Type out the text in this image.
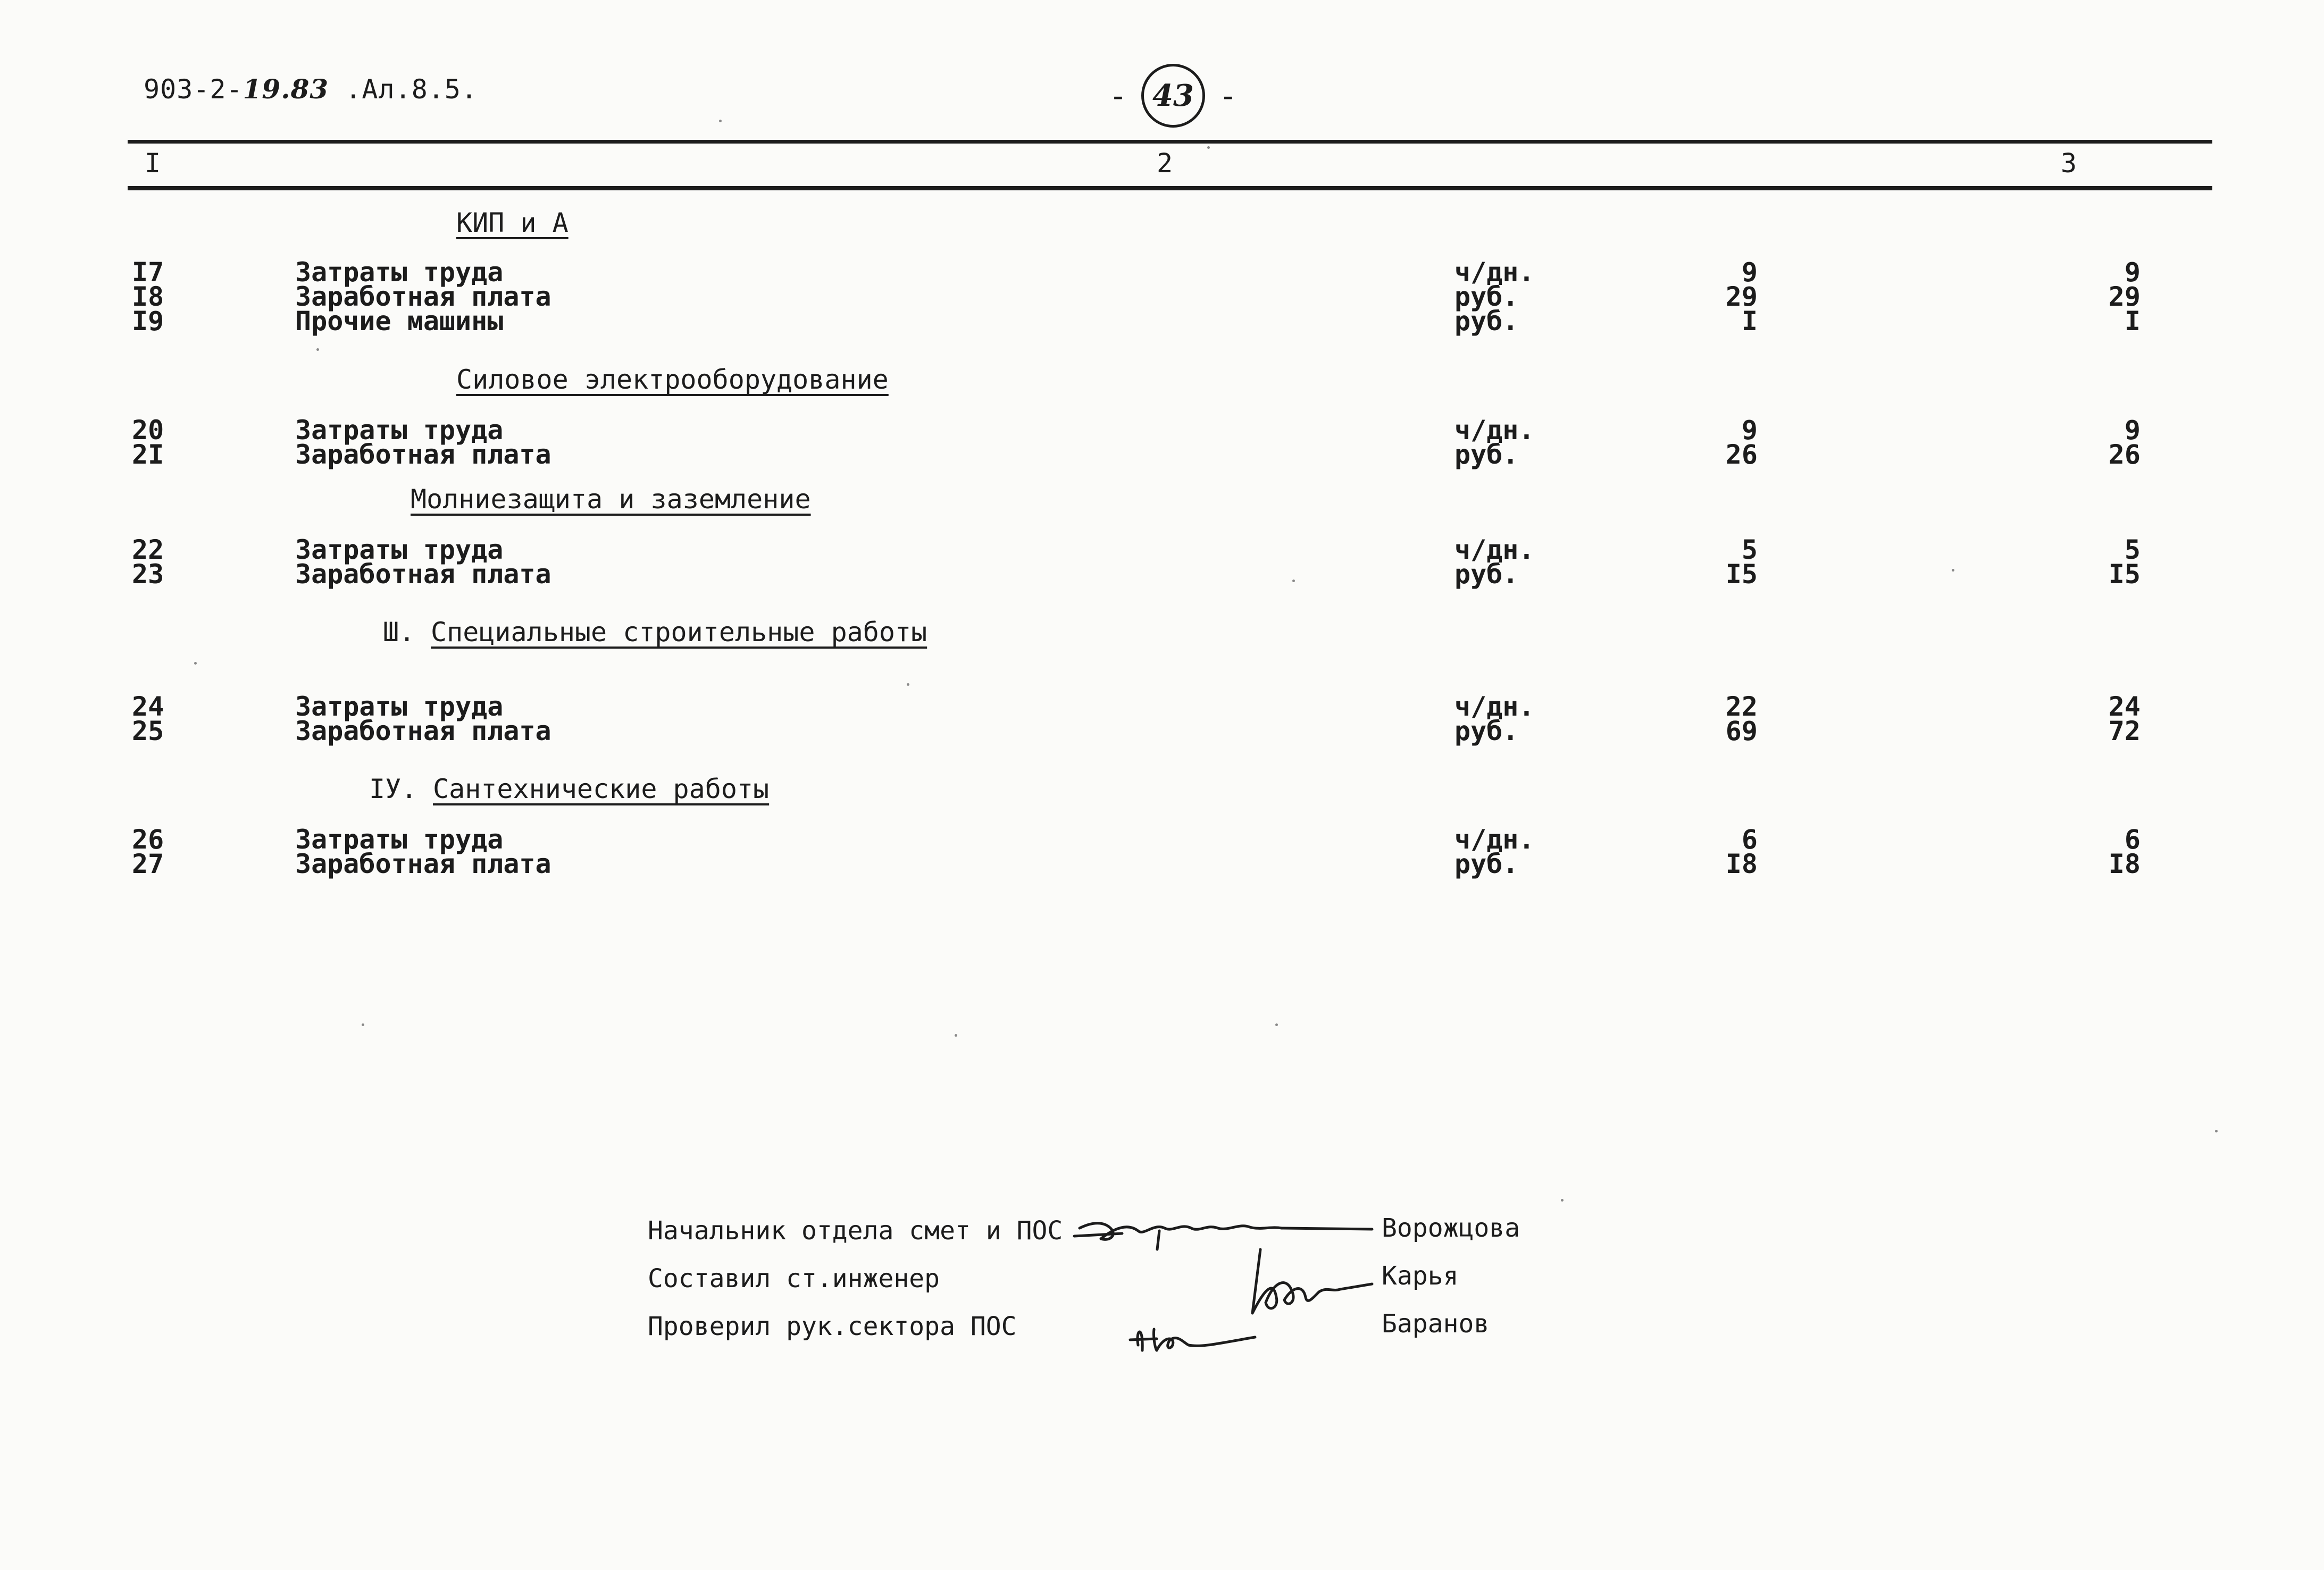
903-2-19.83 .Ал.8.5.	- 43 -
I	2	3
КИП и А
I7	Затраты труда	ч/дн.	9	9
I8	Заработная плата	руб.	29	29
I9	Прочие машины	руб.	I	I
Силовое электрооборудование
20	Затраты труда	ч/дн.	9	9
2I	Заработная плата	руб.	26	26
Молниезащита и заземление
22	Затраты труда	ч/дн.	5	5
23	Заработная плата	руб.	I5	I5
Ш. Специальные строительные работы
24	Затраты труда	ч/дн.	22	24
25	Заработная плата	руб.	69	72
IУ. Сантехнические работы
26	Затраты труда	ч/дн.	6	6
27	Заработная плата	руб.	I8	I8
Начальник отдела смет и ПОС	Ворожцова
Составил ст.инженер	Карья
Проверил рук.сектора ПОС	Баранов
